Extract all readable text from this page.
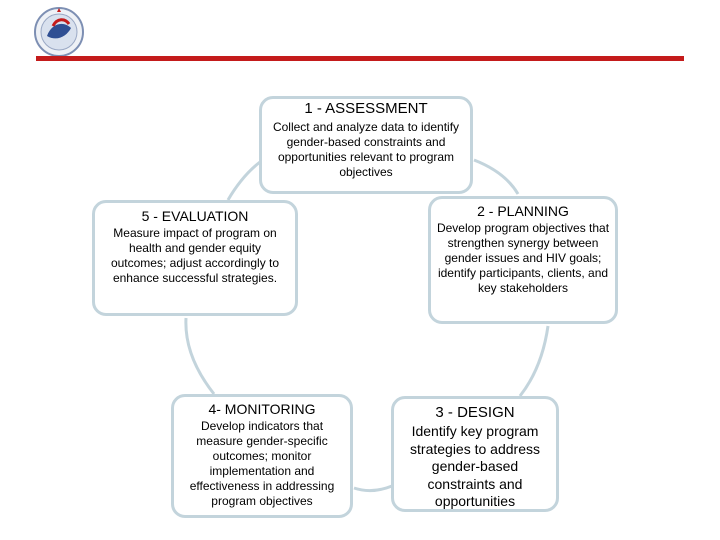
1 - ASSESSMENT
Collect and analyze data to identify gender-based constraints and opportunities relevant to program objectives
2 - PLANNING
Develop program objectives that strengthen synergy between gender issues and HIV goals; identify participants, clients, and key stakeholders
3 - DESIGN
Identify key program strategies to address gender-based constraints and opportunities
4- MONITORING
Develop indicators that measure gender-specific outcomes; monitor implementation and effectiveness in addressing program objectives
5 - EVALUATION
Measure impact of program on health and gender equity outcomes; adjust accordingly to enhance successful strategies.
